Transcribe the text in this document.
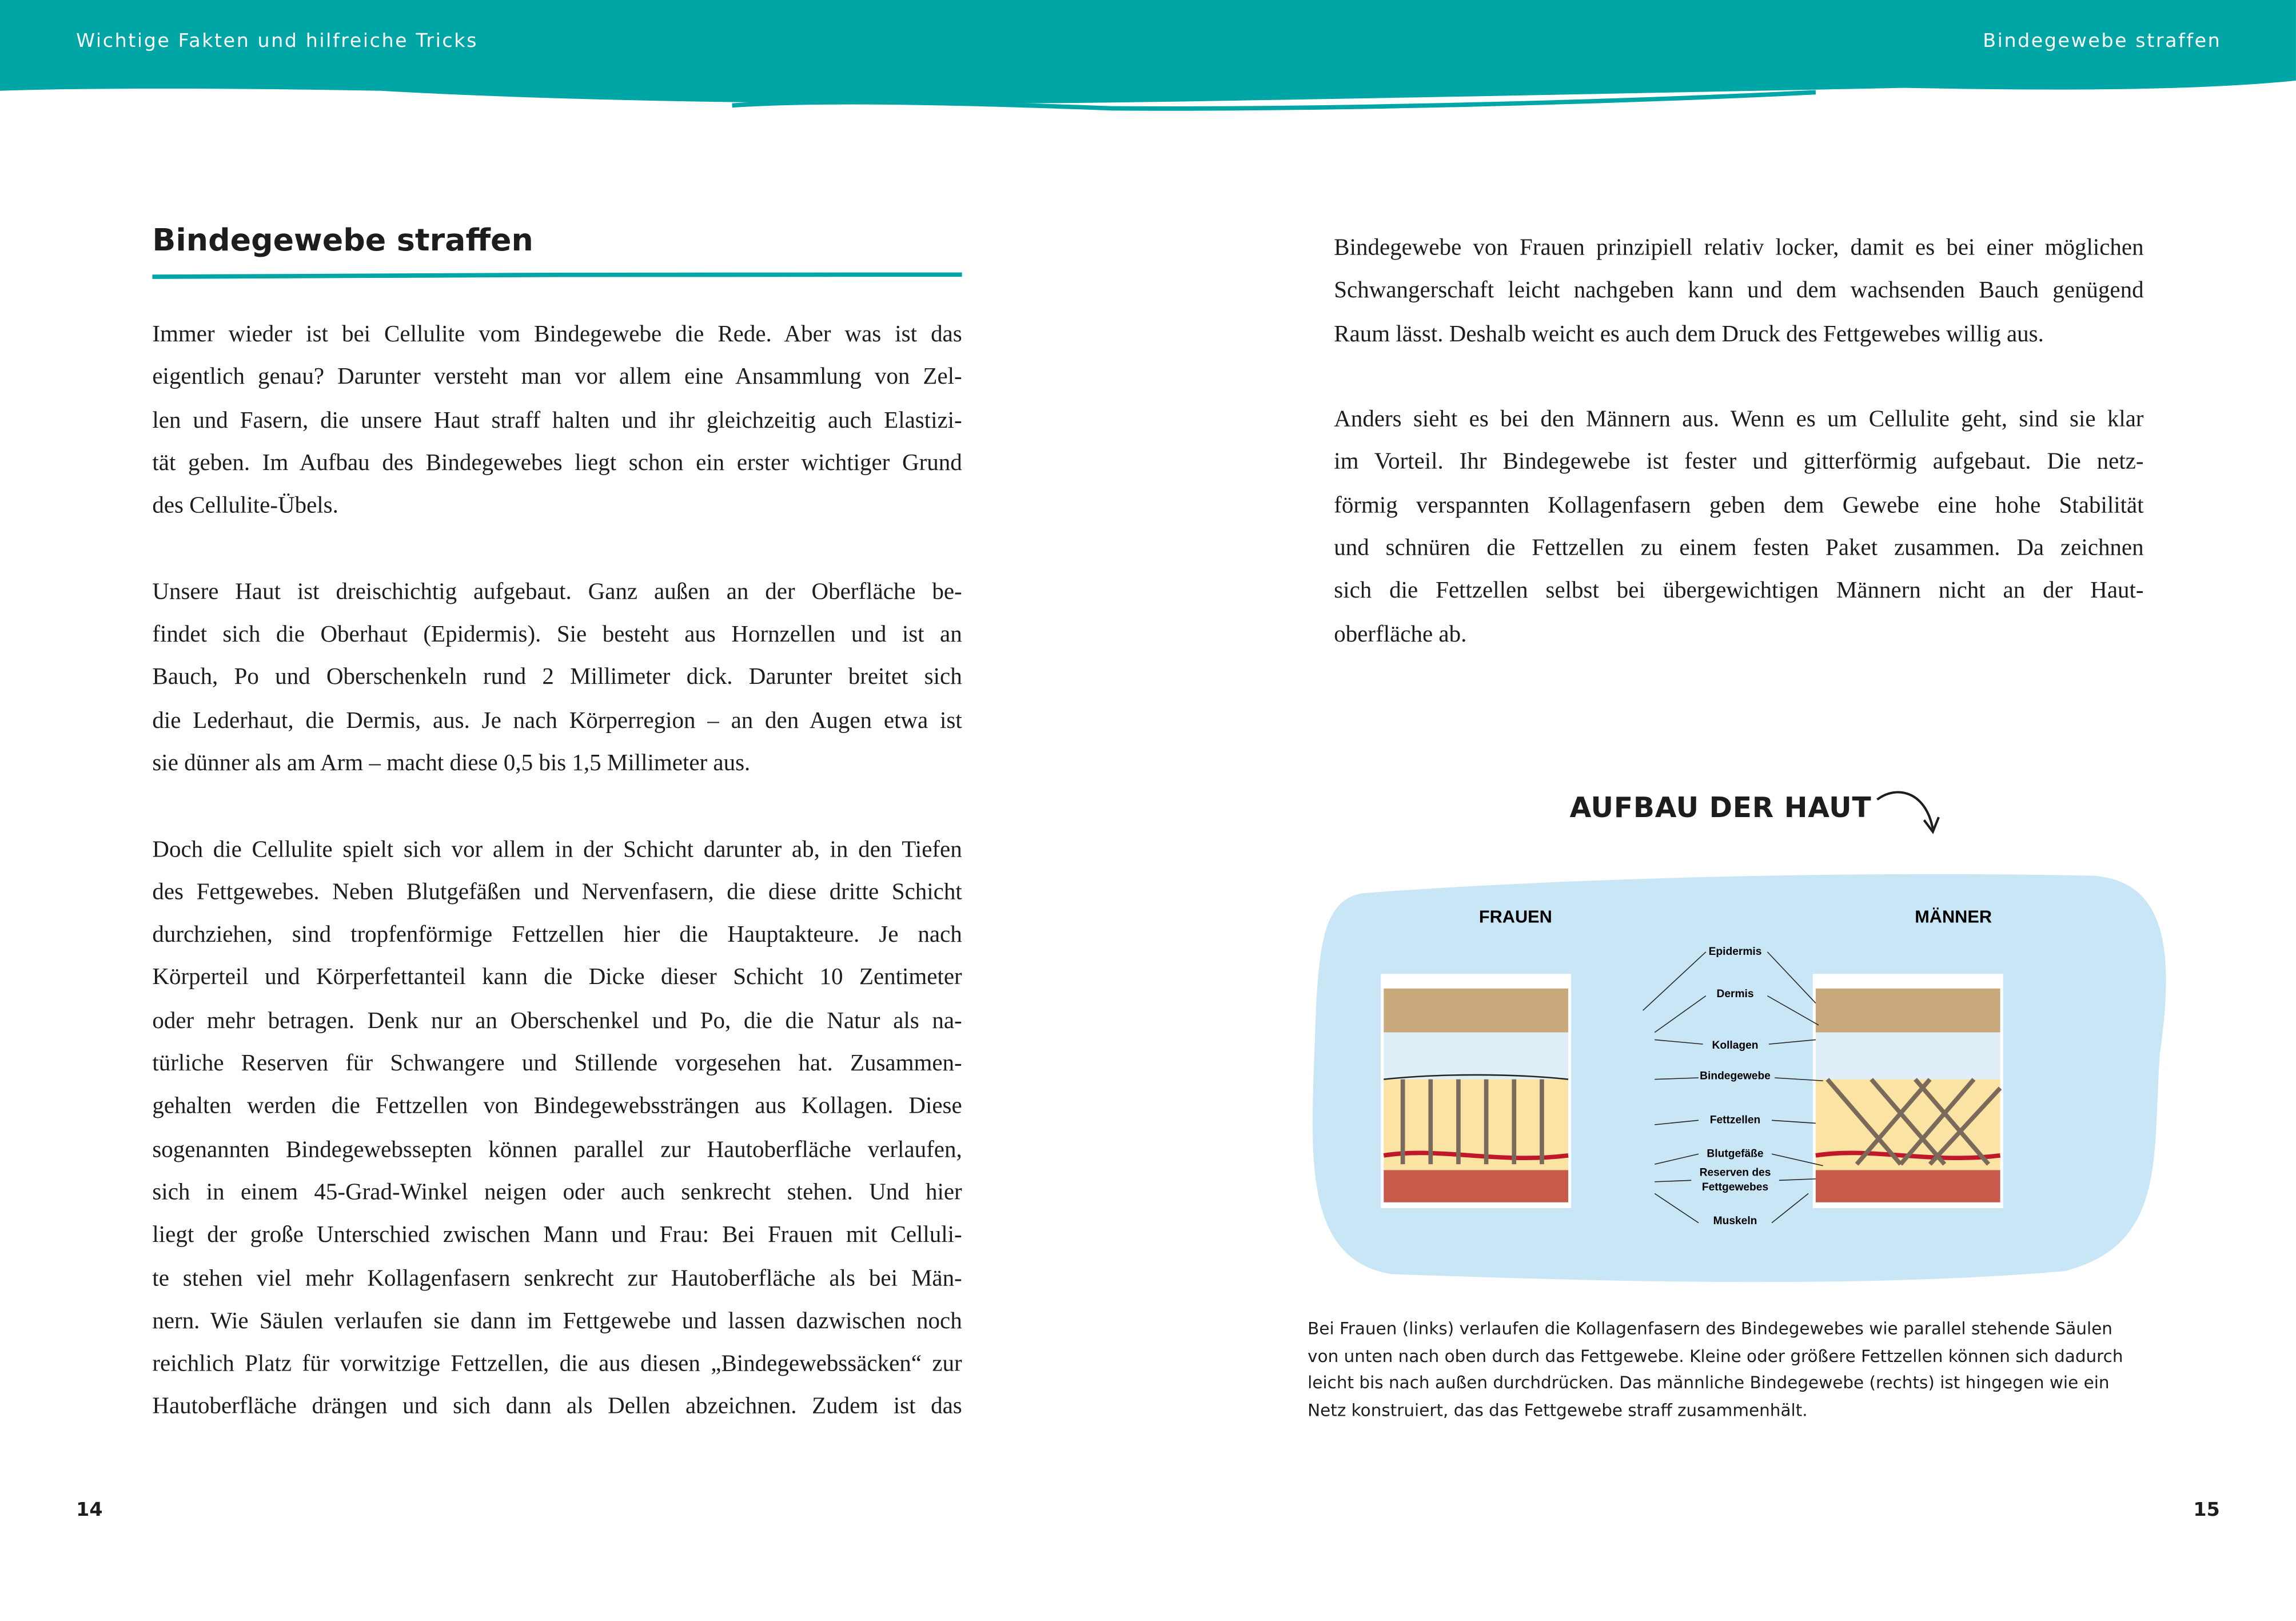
Wichtige Fakten und hilfreiche Tricks	Bindegewebe straffen
Bindegewebe straffen
Immer wieder ist bei Cellulite vom Bindegewebe die Rede. Aber was ist das
eigentlich genau? Darunter versteht man vor allem eine Ansammlung von Zel-
len und Fasern, die unsere Haut straff halten und ihr gleichzeitig auch Elastizi-
tät geben. Im Aufbau des Bindegewebes liegt schon ein erster wichtiger Grund
des Cellulite-Übels.
Unsere Haut ist dreischichtig aufgebaut. Ganz außen an der Oberfläche be-
findet sich die Oberhaut (Epidermis). Sie besteht aus Hornzellen und ist an
Bauch, Po und Oberschenkeln rund 2 Millimeter dick. Darunter breitet sich
die Lederhaut, die Dermis, aus. Je nach Körperregion – an den Augen etwa ist
sie dünner als am Arm – macht diese 0,5 bis 1,5 Millimeter aus.
Doch die Cellulite spielt sich vor allem in der Schicht darunter ab, in den Tiefen
des Fettgewebes. Neben Blutgefäßen und Nervenfasern, die diese dritte Schicht
durchziehen, sind tropfenförmige Fettzellen hier die Hauptakteure. Je nach
Körperteil und Körperfettanteil kann die Dicke dieser Schicht 10 Zentimeter
oder mehr betragen. Denk nur an Oberschenkel und Po, die die Natur als na-
türliche Reserven für Schwangere und Stillende vorgesehen hat. Zusammen-
gehalten werden die Fettzellen von Bindegewebssträngen aus Kollagen. Diese
sogenannten Bindegewebssepten können parallel zur Hautoberfläche verlaufen,
sich in einem 45-Grad-Winkel neigen oder auch senkrecht stehen. Und hier
liegt der große Unterschied zwischen Mann und Frau: Bei Frauen mit Celluli-
te stehen viel mehr Kollagenfasern senkrecht zur Hautoberfläche als bei Män-
nern. Wie Säulen verlaufen sie dann im Fettgewebe und lassen dazwischen noch
reichlich Platz für vorwitzige Fettzellen, die aus diesen „Bindegewebssäcken“ zur
Hautoberfläche drängen und sich dann als Dellen abzeichnen. Zudem ist das
Bindegewebe von Frauen prinzipiell relativ locker, damit es bei einer möglichen
Schwangerschaft leicht nachgeben kann und dem wachsenden Bauch genügend
Raum lässt. Deshalb weicht es auch dem Druck des Fettgewebes willig aus.
Anders sieht es bei den Männern aus. Wenn es um Cellulite geht, sind sie klar
im Vorteil. Ihr Bindegewebe ist fester und gitterförmig aufgebaut. Die netz-
förmig verspannten Kollagenfasern geben dem Gewebe eine hohe Stabilität
und schnüren die Fettzellen zu einem festen Paket zusammen. Da zeichnen
sich die Fettzellen selbst bei übergewichtigen Männern nicht an der Haut-
oberfläche ab.
AUFBAU DER HAUT
FRAUEN	MÄNNER
Epidermis
Dermis
Kollagen
Bindegewebe
Fettzellen
Blutgefäße
Reserven des
Fettgewebes
Muskeln
Bei Frauen (links) verlaufen die Kollagenfasern des Bindegewebes wie parallel stehende Säulen von unten nach oben durch das Fettgewebe. Kleine oder größere Fettzellen können sich dadurch leicht bis nach außen durchdrücken. Das männliche Bindegewebe (rechts) ist hingegen wie ein Netz konstruiert, das das Fettgewebe straff zusammenhält.
14	15
